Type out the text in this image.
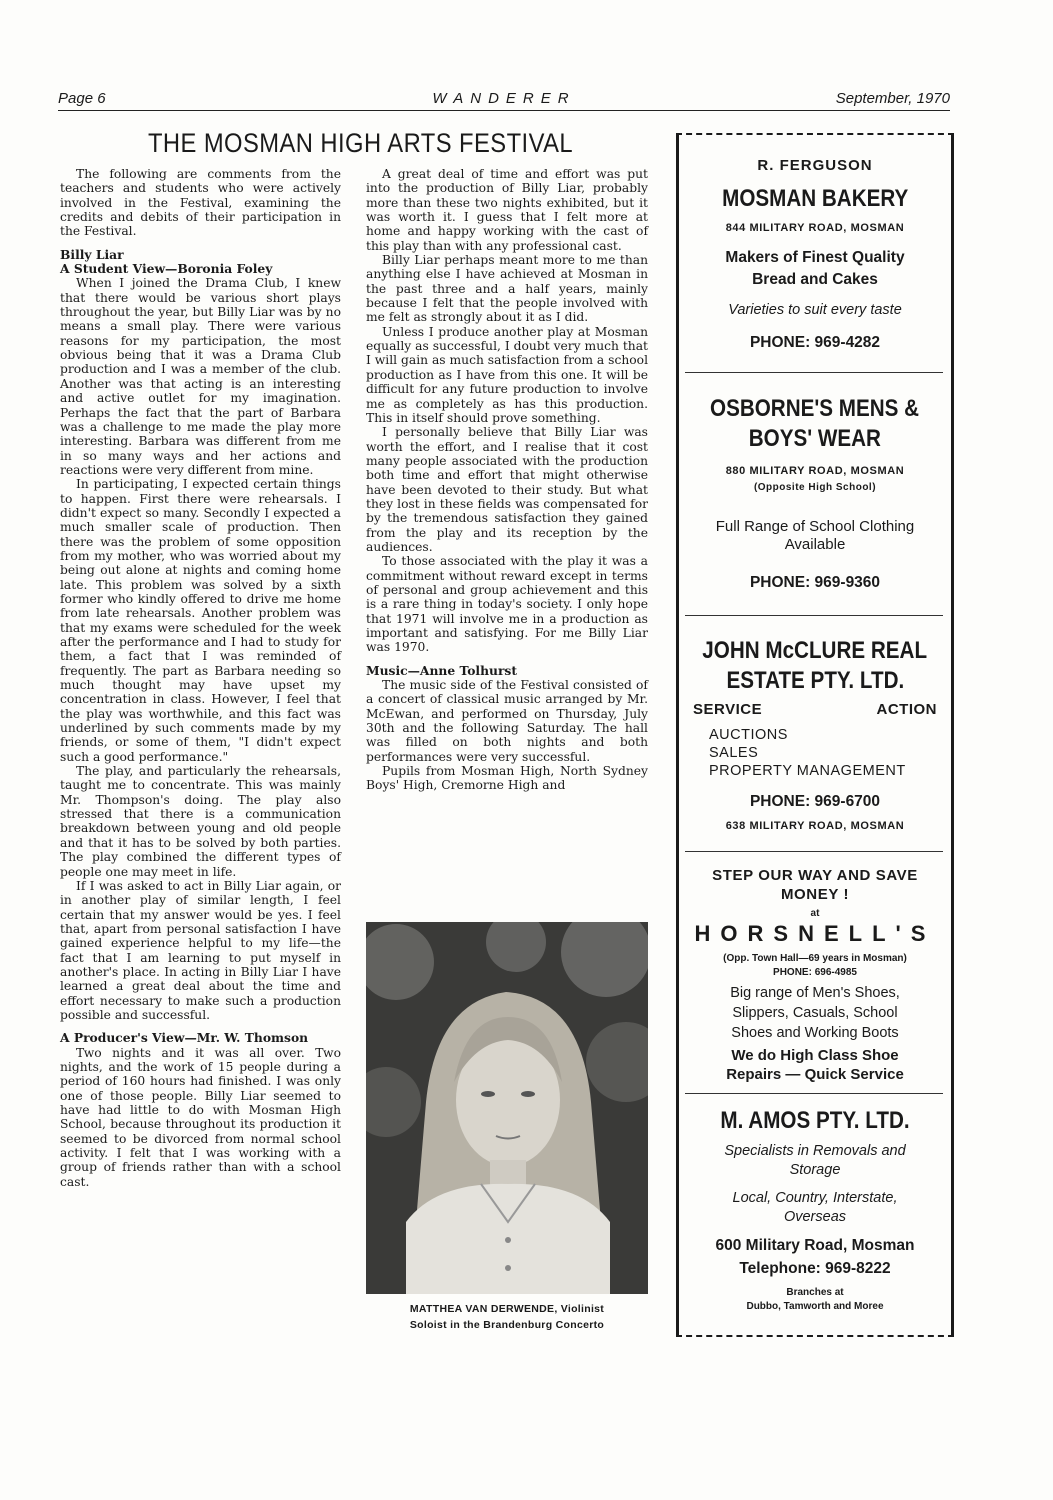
Page 6	WANDERER	September, 1970
THE MOSMAN HIGH ARTS FESTIVAL

The following are comments from the teachers and students who were actively involved in the Festival, examining the credits and debits of their participation in the Festival.

Billy Liar
A Student View—Boronia Foley

When I joined the Drama Club, I knew that there would be various short plays throughout the year, but Billy Liar was by no means a small play. There were various reasons for my participation, the most obvious being that it was a Drama Club production and I was a member of the club. Another was that acting is an interesting and active outlet for my imagination. Perhaps the fact that the part of Barbara was a challenge to me made the play more interesting. Barbara was different from me in so many ways and her actions and reactions were very different from mine.

In participating, I expected certain things to happen. First there were rehearsals. I didn't expect so many. Secondly I expected a much smaller scale of production. Then there was the problem of some opposition from my mother, who was worried about my being out alone at nights and coming home late. This problem was solved by a sixth former who kindly offered to drive me home from late rehearsals. Another problem was that my exams were scheduled for the week after the performance and I had to study for them, a fact that I was reminded of frequently. The part as Barbara needing so much thought may have upset my concentration in class. However, I feel that the play was worthwhile, and this fact was underlined by such comments made by my friends, or some of them, "I didn't expect such a good performance."

The play, and particularly the rehearsals, taught me to concentrate. This was mainly Mr. Thompson's doing. The play also stressed that there is a communication breakdown between young and old people and that it has to be solved by both parties. The play combined the different types of people one may meet in life.

If I was asked to act in Billy Liar again, or in another play of similar length, I feel certain that my answer would be yes. I feel that, apart from personal satisfaction I have gained experience helpful to my life—the fact that I am learning to put myself in another's place. In acting in Billy Liar I have learned a great deal about the time and effort necessary to make such a production possible and successful.

A Producer's View—Mr. W. Thomson

Two nights and it was all over. Two nights, and the work of 15 people during a period of 160 hours had finished. I was only one of those people. Billy Liar seemed to have had little to do with Mosman High School, because throughout its production it seemed to be divorced from normal school activity. I felt that I was working with a group of friends rather than with a school cast.

A great deal of time and effort was put into the production of Billy Liar, probably more than these two nights exhibited, but it was worth it. I guess that I felt more at home and happy working with the cast of this play than with any professional cast.

Billy Liar perhaps meant more to me than anything else I have achieved at Mosman in the past three and a half years, mainly because I felt that the people involved with me felt as strongly about it as I did.

Unless I produce another play at Mosman equally as successful, I doubt very much that I will gain as much satisfaction from a school production as I have from this one. It will be difficult for any future production to involve me as completely as has this production. This in itself should prove something.

I personally believe that Billy Liar was worth the effort, and I realise that it cost many people associated with the production both time and effort that might otherwise have been devoted to their study. But what they lost in these fields was compensated for by the tremendous satisfaction they gained from the play and its reception by the audiences.

To those associated with the play it was a commitment without reward except in terms of personal and group achievement and this is a rare thing in today's society. I only hope that 1971 will involve me in a production as important and satisfying. For me Billy Liar was 1970.

Music—Anne Tolhurst

The music side of the Festival consisted of a concert of classical music arranged by Mr. McEwan, and performed on Thursday, July 30th and the following Saturday. The hall was filled on both nights and both performances were very successful.

Pupils from Mosman High, North Sydney Boys' High, Cremorne High and

MATTHEA VAN DERWENDE, Violinist
Soloist in the Brandenburg Concerto
R. FERGUSON
MOSMAN BAKERY
844 MILITARY ROAD, MOSMAN
Makers of Finest Quality
Bread and Cakes
Varieties to suit every taste
PHONE: 969-4282
OSBORNE'S MENS &
BOYS' WEAR
880 MILITARY ROAD, MOSMAN
(Opposite High School)
Full Range of School Clothing
Available
PHONE: 969-9360
JOHN McCLURE REAL
ESTATE PTY. LTD.
SERVICE	ACTION
AUCTIONS
SALES
PROPERTY MANAGEMENT
PHONE: 969-6700
638 MILITARY ROAD, MOSMAN
STEP OUR WAY AND SAVE
MONEY !
at
HORSNELL'S
(Opp. Town Hall—69 years in Mosman)
PHONE: 696-4985
Big range of Men's Shoes,
Slippers, Casuals, School
Shoes and Working Boots
We do High Class Shoe
Repairs — Quick Service
M. AMOS PTY. LTD.
Specialists in Removals and
Storage
Local, Country, Interstate,
Overseas
600 Military Road, Mosman
Telephone: 969-8222
Branches at
Dubbo, Tamworth and Moree
